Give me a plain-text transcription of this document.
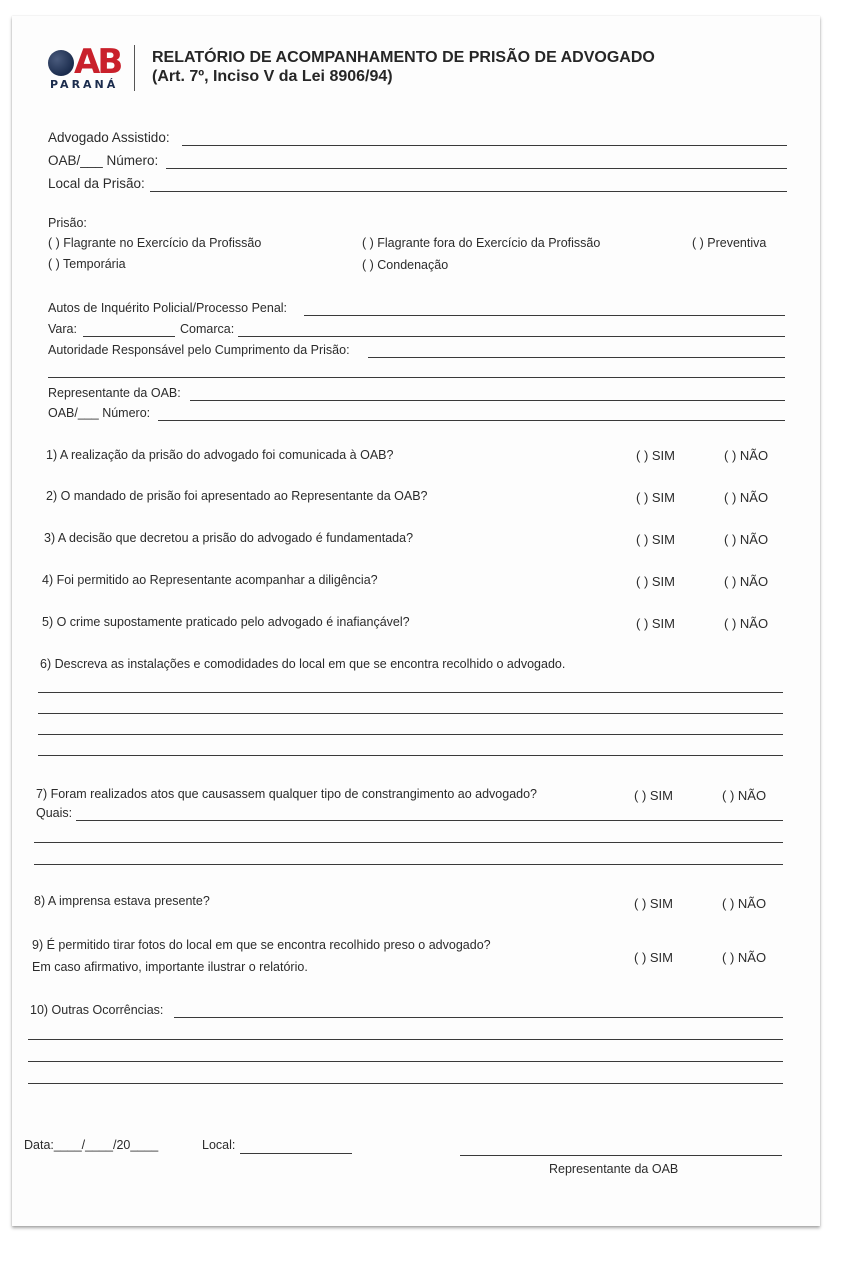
AB
PARANÁ
RELATÓRIO DE ACOMPANHAMENTO DE PRISÃO DE ADVOGADO
(Art. 7º, Inciso V da Lei 8906/94)
Advogado Assistido:
OAB/___ Número:
Local da Prisão:
Prisão:
( ) Flagrante no Exercício da Profissão	( ) Flagrante fora do Exercício da Profissão	( ) Preventiva
( ) Temporária	( ) Condenação
Autos de Inquérito Policial/Processo Penal:
Vara:	Comarca:
Autoridade Responsável pelo Cumprimento da Prisão:
Representante da OAB:
OAB/___ Número:
1) A realização da prisão do advogado foi comunicada à OAB?	( ) SIM	( ) NÃO
2) O mandado de prisão foi apresentado ao Representante da OAB?	( ) SIM	( ) NÃO
3) A decisão que decretou a prisão do advogado é fundamentada?	( ) SIM	( ) NÃO
4) Foi permitido ao Representante acompanhar a diligência?	( ) SIM	( ) NÃO
5) O crime supostamente praticado pelo advogado é inafiançável?	( ) SIM	( ) NÃO
6) Descreva as instalações e comodidades do local em que se encontra recolhido o advogado.
7) Foram realizados atos que causassem qualquer tipo de constrangimento ao advogado?	( ) SIM	( ) NÃO
Quais:
8) A imprensa estava presente?	( ) SIM	( ) NÃO
9) É permitido tirar fotos do local em que se encontra recolhido preso o advogado?
Em caso afirmativo, importante ilustrar o relatório.
( ) SIM	( ) NÃO
10) Outras Ocorrências:
Data:____/____/20____	Local:
Representante da OAB
